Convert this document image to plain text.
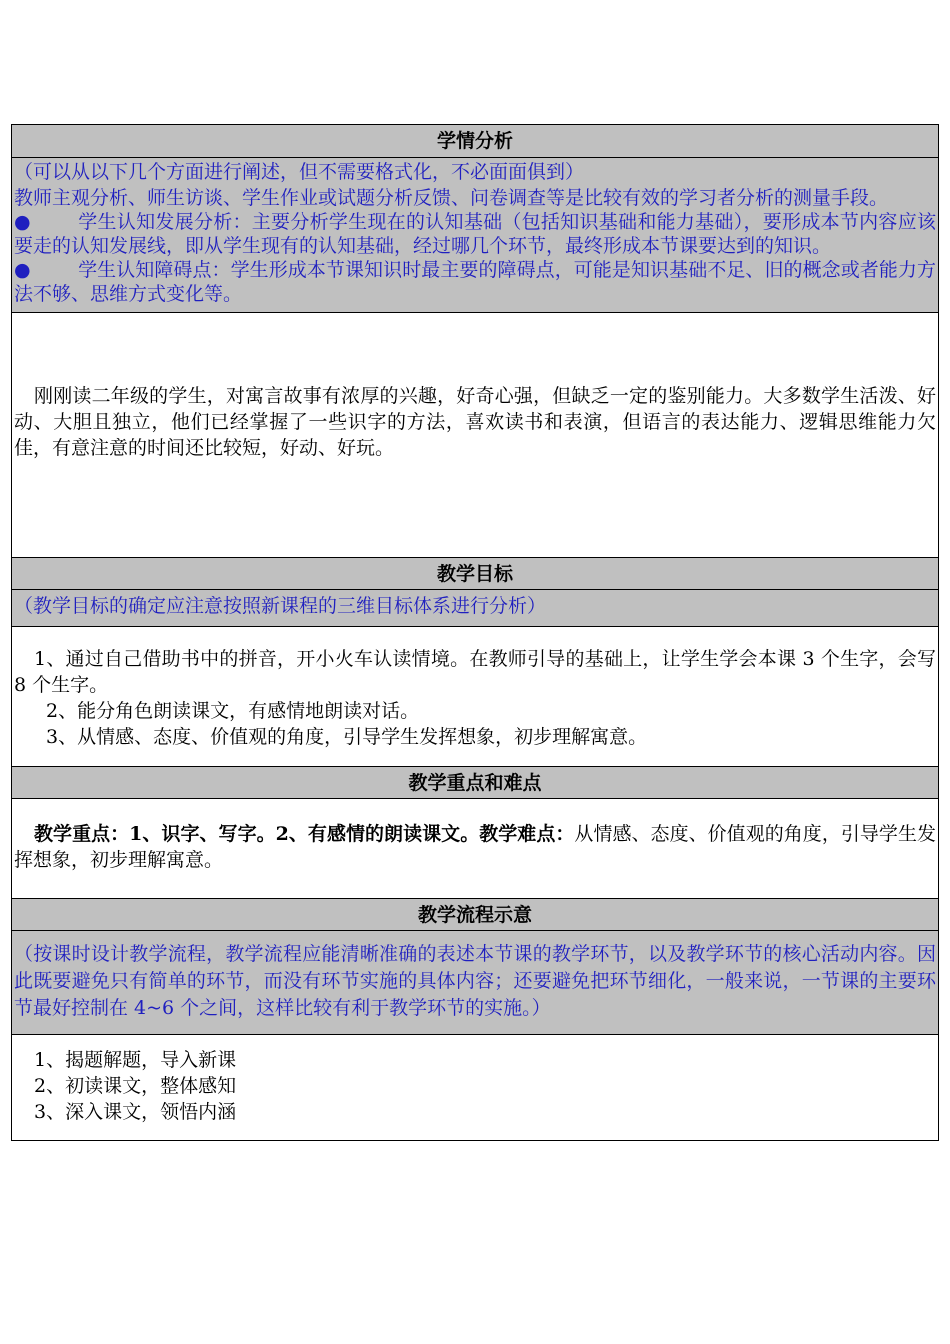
学情分析

（可以从以下几个方面进行阐述，但不需要格式化，不必面面俱到）

教师主观分析、师生访谈、学生作业或试题分析反馈、问卷调查等是比较有效的学习者分析的测量手段。

● 学生认知发展分析：主要分析学生现在的认知基础（包括知识基础和能力基础），要形成本节内容应该要走的认知发展线，即从学生现有的认知基础，经过哪几个环节，最终形成本节课要达到的知识。

● 学生认知障碍点：学生形成本节课知识时最主要的障碍点，可能是知识基础不足、旧的概念或者能力方法不够、思维方式变化等。

刚刚读二年级的学生，对寓言故事有浓厚的兴趣，好奇心强，但缺乏一定的鉴别能力。大多数学生活泼、好动、大胆且独立，他们已经掌握了一些识字的方法，喜欢读书和表演，但语言的表达能力、逻辑思维能力欠佳，有意注意的时间还比较短，好动、好玩。

教学目标

（教学目标的确定应注意按照新课程的三维目标体系进行分析）

1、通过自己借助书中的拼音，开小火车认读情境。在教师引导的基础上，让学生学会本课 3 个生字，会写 8 个生字。

2、能分角色朗读课文，有感情地朗读对话。

3、从情感、态度、价值观的角度，引导学生发挥想象，初步理解寓意。

教学重点和难点

教学重点：1、识字、写字。2、有感情的朗读课文。教学难点：从情感、态度、价值观的角度，引导学生发挥想象，初步理解寓意。

教学流程示意

（按课时设计教学流程，教学流程应能清晰准确的表述本节课的教学环节，以及教学环节的核心活动内容。因此既要避免只有简单的环节，而没有环节实施的具体内容；还要避免把环节细化，一般来说，一节课的主要环节最好控制在 4~6 个之间，这样比较有利于教学环节的实施。）

1、揭题解题，导入新课

2、初读课文，整体感知

3、深入课文，领悟内涵
